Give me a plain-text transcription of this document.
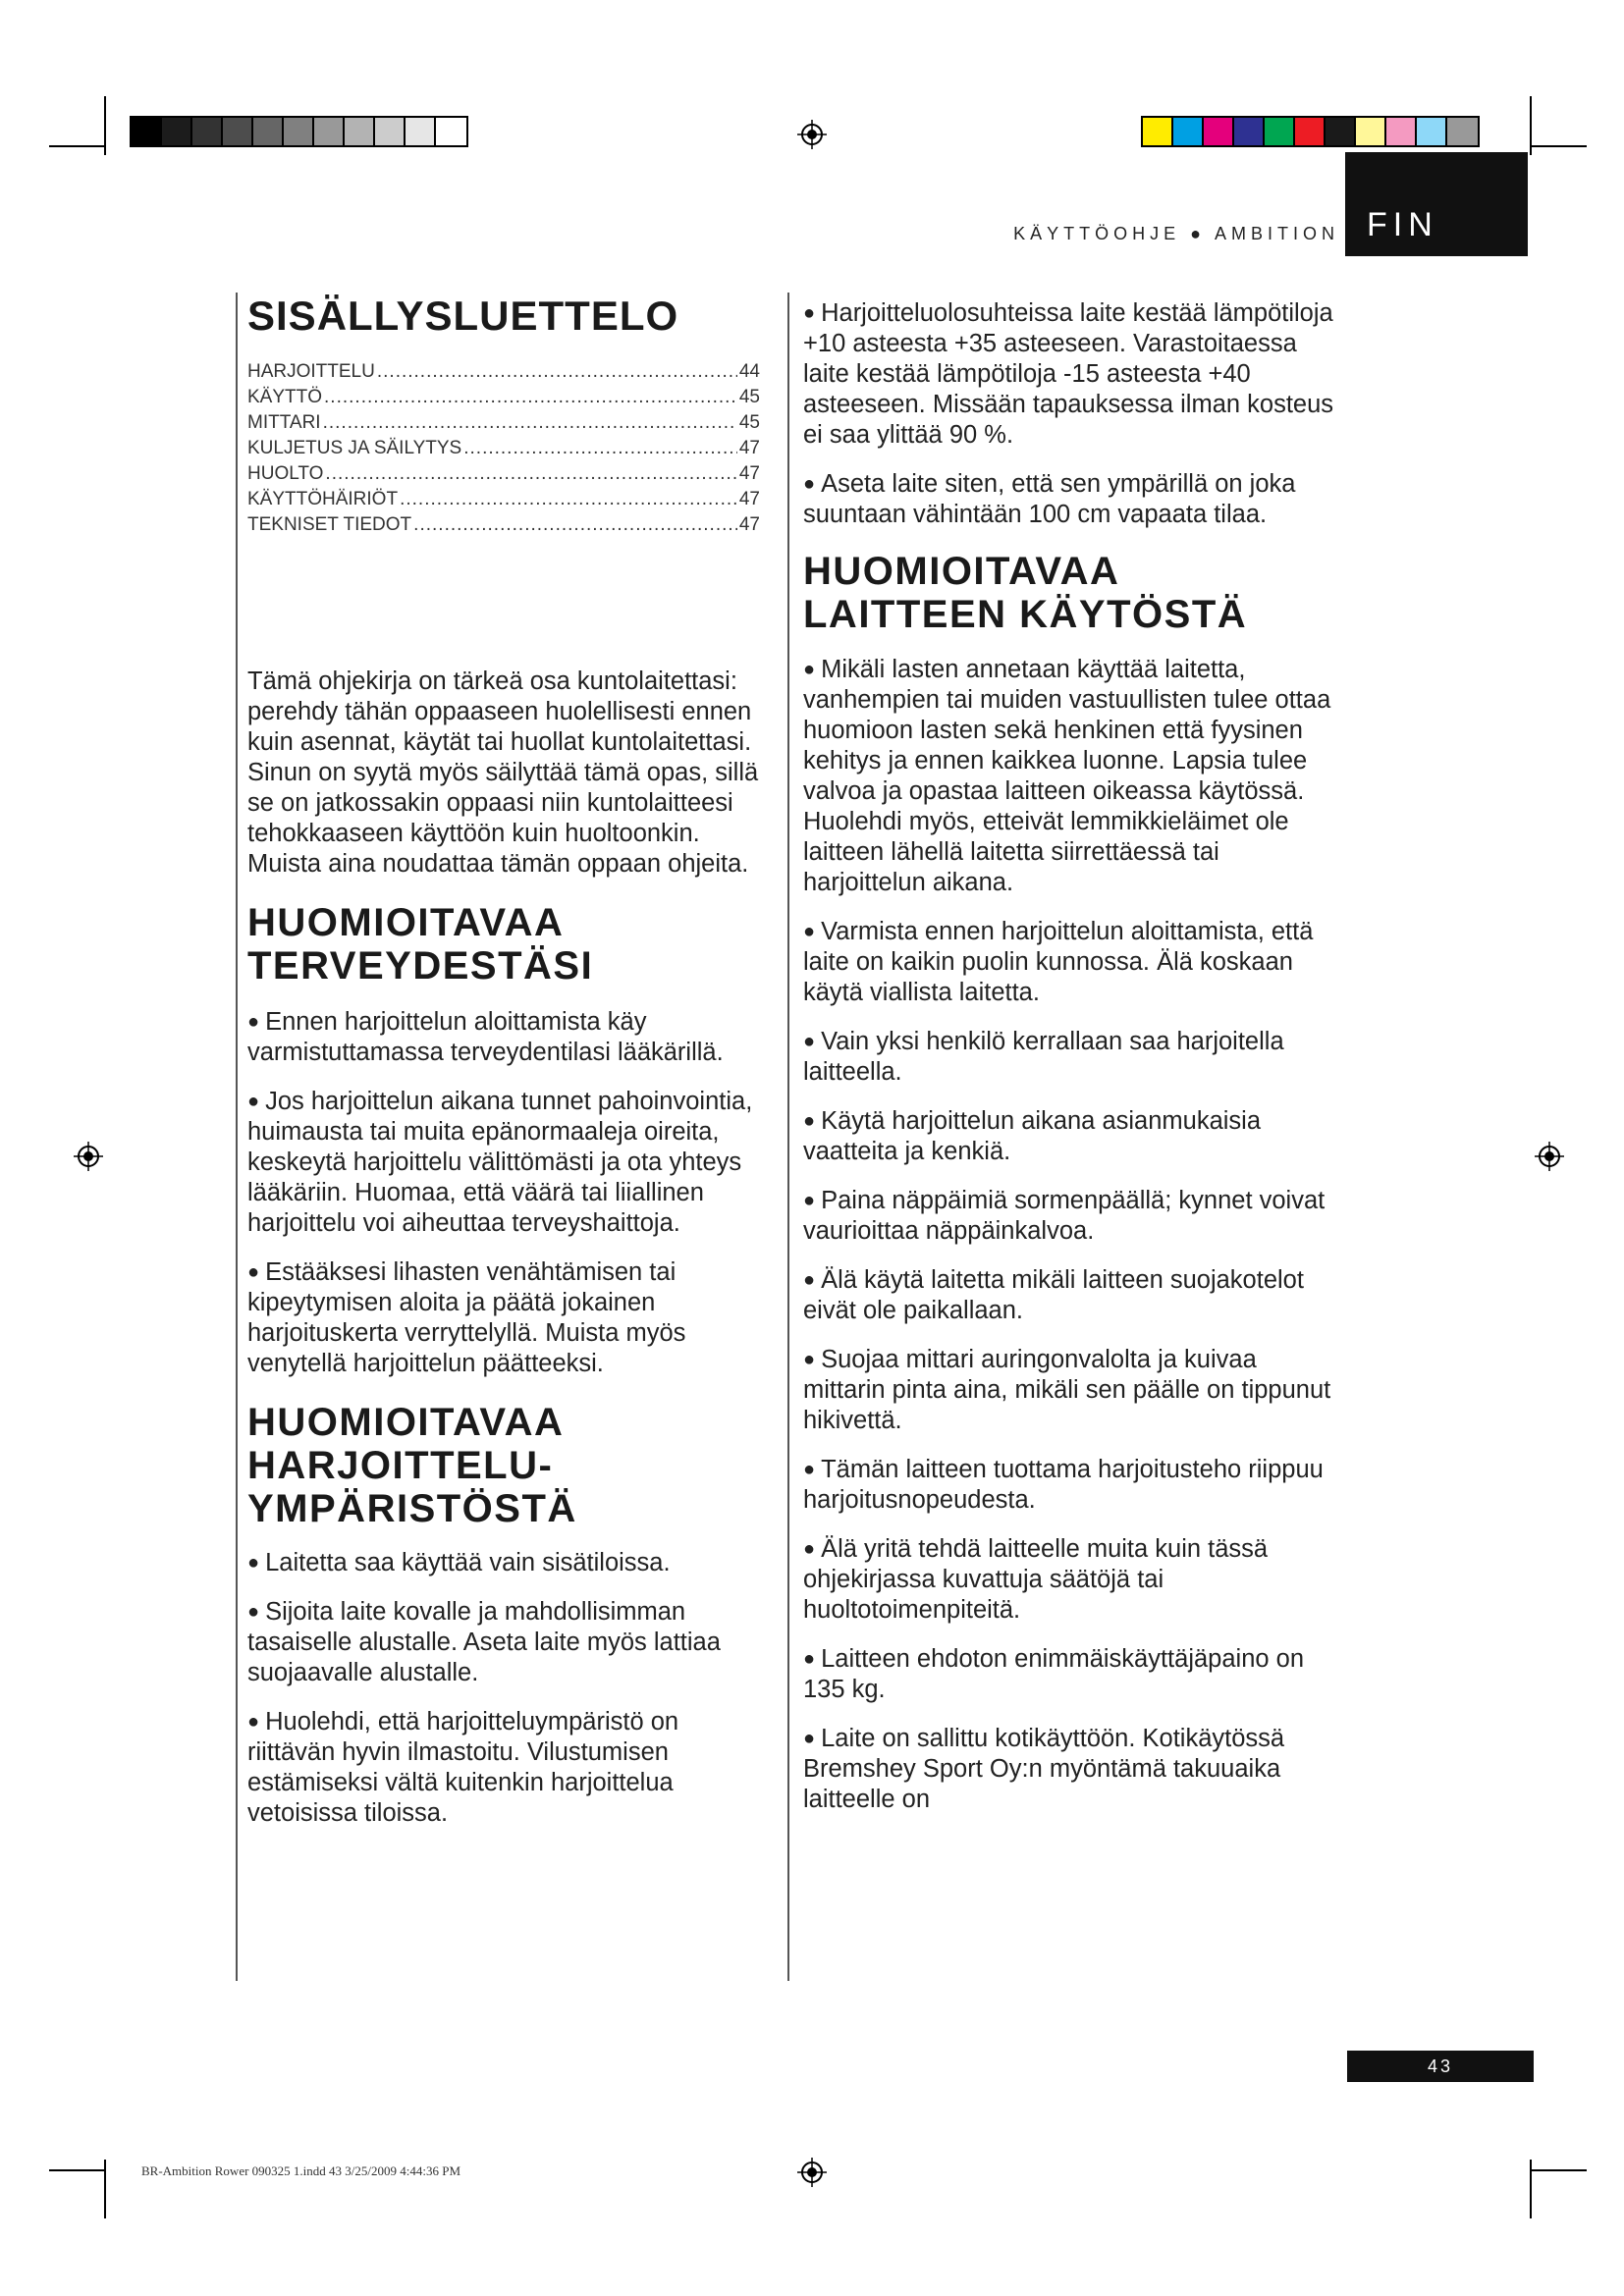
KÄYTTÖOHJE ● AMBITION FIN
SISÄLLYSLUETTELO
HARJOITTELU .....	44
KÄYTTÖ .....	45
MITTARI .....	45
KULJETUS JA SÄILYTYS .....	47
HUOLTO .....	47
KÄYTTÖHÄIRIÖT .....	47
TEKNISET TIEDOT .....	47

Tämä ohjekirja on tärkeä osa kuntolaitettasi: perehdy tähän oppaaseen huolellisesti ennen kuin asennat, käytät tai huollat kuntolaitettasi. Sinun on syytä myös säilyttää tämä opas, sillä se on jatkossakin oppaasi niin kuntolaitteesi tehokkaaseen käyttöön kuin huoltoonkin. Muista aina noudattaa tämän oppaan ohjeita.

HUOMIOITAVAA
TERVEYDESTÄSI

● Ennen harjoittelun aloittamista käy varmistuttamassa terveydentilasi lääkärillä.

● Jos harjoittelun aikana tunnet pahoinvointia, huimausta tai muita epänormaaleja oireita, keskeytä harjoittelu välittömästi ja ota yhteys lääkäriin. Huomaa, että väärä tai liiallinen harjoittelu voi aiheuttaa terveyshaittoja.

● Estääksesi lihasten venähtämisen tai kipeytymisen aloita ja päätä jokainen harjoituskerta verryttelyllä. Muista myös venytellä harjoittelun päätteeksi.

HUOMIOITAVAA
HARJOITTELU-
YMPÄRISTÖSTÄ

● Laitetta saa käyttää vain sisätiloissa.

● Sijoita laite kovalle ja mahdollisimman tasaiselle alustalle. Aseta laite myös lattiaa suojaavalle alustalle.

● Huolehdi, että harjoitteluympäristö on riittävän hyvin ilmastoitu. Vilustumisen estämiseksi vältä kuitenkin harjoittelua vetoisissa tiloissa.

● Harjoitteluolosuhteissa laite kestää lämpötiloja +10 asteesta +35 asteeseen. Varastoitaessa laite kestää lämpötiloja -15 asteesta +40 asteeseen. Missään tapauksessa ilman kosteus ei saa ylittää 90 %.

● Aseta laite siten, että sen ympärillä on joka suuntaan vähintään 100 cm vapaata tilaa.

HUOMIOITAVAA
LAITTEEN KÄYTÖSTÄ

● Mikäli lasten annetaan käyttää laitetta, vanhempien tai muiden vastuullisten tulee ottaa huomioon lasten sekä henkinen että fyysinen kehitys ja ennen kaikkea luonne. Lapsia tulee valvoa ja opastaa laitteen oikeassa käytössä. Huolehdi myös, etteivät lemmikkieläimet ole laitteen lähellä laitetta siirrettäessä tai harjoittelun aikana.

● Varmista ennen harjoittelun aloittamista, että laite on kaikin puolin kunnossa. Älä koskaan käytä viallista laitetta.

● Vain yksi henkilö kerrallaan saa harjoitella laitteella.

● Käytä harjoittelun aikana asianmukaisia vaatteita ja kenkiä.

● Paina näppäimiä sormenpäällä; kynnet voivat vaurioittaa näppäinkalvoa.

● Älä käytä laitetta mikäli laitteen suojakotelot eivät ole paikallaan.

● Suojaa mittari auringonvalolta ja kuivaa mittarin pinta aina, mikäli sen päälle on tippunut hikivettä.

● Tämän laitteen tuottama harjoitusteho riippuu harjoitusnopeudesta.

● Älä yritä tehdä laitteelle muita kuin tässä ohjekirjassa kuvattuja säätöjä tai huoltotoimenpiteitä.

● Laitteen ehdoton enimmäiskäyttäjäpaino on 135 kg.

● Laite on sallittu kotikäyttöön. Kotikäytössä Bremshey Sport Oy:n myöntämä takuuaika laitteelle on

43
BR-Ambition Rower 090325 1.indd 43 3/25/2009 4:44:36 PM
